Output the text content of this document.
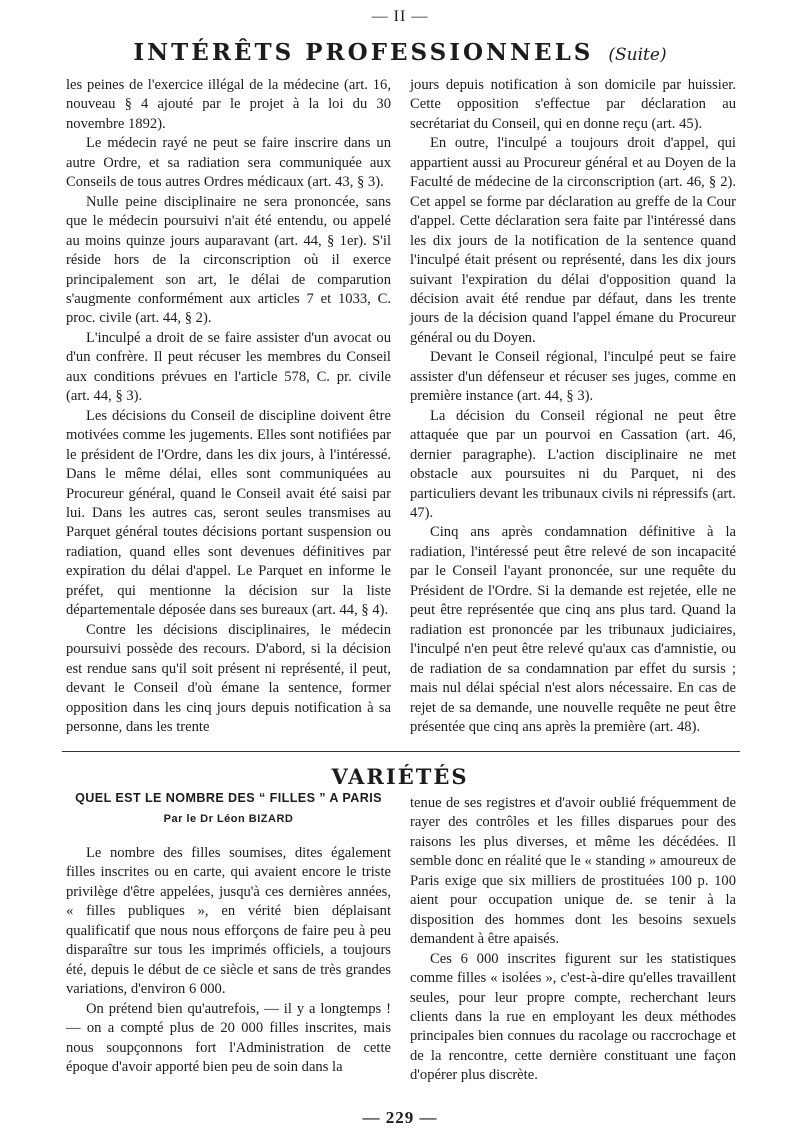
— II —
INTÉRÊTS PROFESSIONNELS (Suite)

les peines de l'exercice illégal de la médecine (art. 16, nouveau § 4 ajouté par le projet à la loi du 30 novembre 1892).

Le médecin rayé ne peut se faire inscrire dans un autre Ordre, et sa radiation sera communiquée aux Conseils de tous autres Ordres médicaux (art. 43, § 3).

Nulle peine disciplinaire ne sera prononcée, sans que le médecin poursuivi n'ait été entendu, ou appelé au moins quinze jours auparavant (art. 44, § 1er). S'il réside hors de la circonscription où il exerce principalement son art, le délai de comparution s'augmente conformément aux articles 7 et 1033, C. proc. civile (art. 44, § 2).

L'inculpé a droit de se faire assister d'un avocat ou d'un confrère. Il peut récuser les membres du Conseil aux conditions prévues en l'article 578, C. pr. civile (art. 44, § 3).

Les décisions du Conseil de discipline doivent être motivées comme les jugements. Elles sont notifiées par le président de l'Ordre, dans les dix jours, à l'intéressé. Dans le même délai, elles sont communiquées au Procureur général, quand le Conseil avait été saisi par lui. Dans les autres cas, seront seules transmises au Parquet général toutes décisions portant suspension ou radiation, quand elles sont devenues définitives par expiration du délai d'appel. Le Parquet en informe le préfet, qui mentionne la décision sur la liste départementale déposée dans ses bureaux (art. 44, § 4).

Contre les décisions disciplinaires, le médecin poursuivi possède des recours. D'abord, si la décision est rendue sans qu'il soit présent ni représenté, il peut, devant le Conseil d'où émane la sentence, former opposition dans les cinq jours depuis notification à sa personne, dans les trente

jours depuis notification à son domicile par huissier. Cette opposition s'effectue par déclaration au secrétariat du Conseil, qui en donne reçu (art. 45).

En outre, l'inculpé a toujours droit d'appel, qui appartient aussi au Procureur général et au Doyen de la Faculté de médecine de la circonscription (art. 46, § 2). Cet appel se forme par déclaration au greffe de la Cour d'appel. Cette déclaration sera faite par l'intéressé dans les dix jours de la notification de la sentence quand l'inculpé était présent ou représenté, dans les dix jours suivant l'expiration du délai d'opposition quand la décision avait été rendue par défaut, dans les trente jours de la décision quand l'appel émane du Procureur général ou du Doyen.

Devant le Conseil régional, l'inculpé peut se faire assister d'un défenseur et récuser ses juges, comme en première instance (art. 44, § 3).

La décision du Conseil régional ne peut être attaquée que par un pourvoi en Cassation (art. 46, dernier paragraphe). L'action disciplinaire ne met obstacle aux poursuites ni du Parquet, ni des particuliers devant les tribunaux civils ni répressifs (art. 47).

Cinq ans après condamnation définitive à la radiation, l'intéressé peut être relevé de son incapacité par le Conseil l'ayant prononcée, sur une requête du Président de l'Ordre. Si la demande est rejetée, elle ne peut être représentée que cinq ans plus tard. Quand la radiation est prononcée par les tribunaux judiciaires, l'inculpé n'en peut être relevé qu'aux cas d'amnistie, ou de radiation de sa condamnation par effet du sursis ; mais nul délai spécial n'est alors nécessaire. En cas de rejet de sa demande, une nouvelle requête ne peut être présentée que cinq ans après la première (art. 48).

VARIÉTÉS
QUEL EST LE NOMBRE DES “ FILLES ” A PARIS
Par le Dr Léon BIZARD

Le nombre des filles soumises, dites également filles inscrites ou en carte, qui avaient encore le triste privilège d'être appelées, jusqu'à ces dernières années, « filles publiques », en vérité bien déplaisant qualificatif que nous nous efforçons de faire peu à peu disparaître sur tous les imprimés officiels, a toujours été, depuis le début de ce siècle et sans de très grandes variations, d'environ 6 000.

On prétend bien qu'autrefois, — il y a longtemps ! — on a compté plus de 20 000 filles inscrites, mais nous soupçonnons fort l'Administration de cette époque d'avoir apporté bien peu de soin dans la

tenue de ses registres et d'avoir oublié fréquemment de rayer des contrôles et les filles disparues pour des raisons les plus diverses, et même les décédées. Il semble donc en réalité que le « standing » amoureux de Paris exige que six milliers de prostituées 100 p. 100 aient pour occupation unique de. se tenir à la disposition des hommes dont les besoins sexuels demandent à être apaisés.

Ces 6 000 inscrites figurent sur les statistiques comme filles « isolées », c'est-à-dire qu'elles travaillent seules, pour leur propre compte, recherchant leurs clients dans la rue en employant les deux méthodes principales bien connues du racolage ou raccrochage et de la rencontre, cette dernière constituant une façon d'opérer plus discrète.

— 229 —
